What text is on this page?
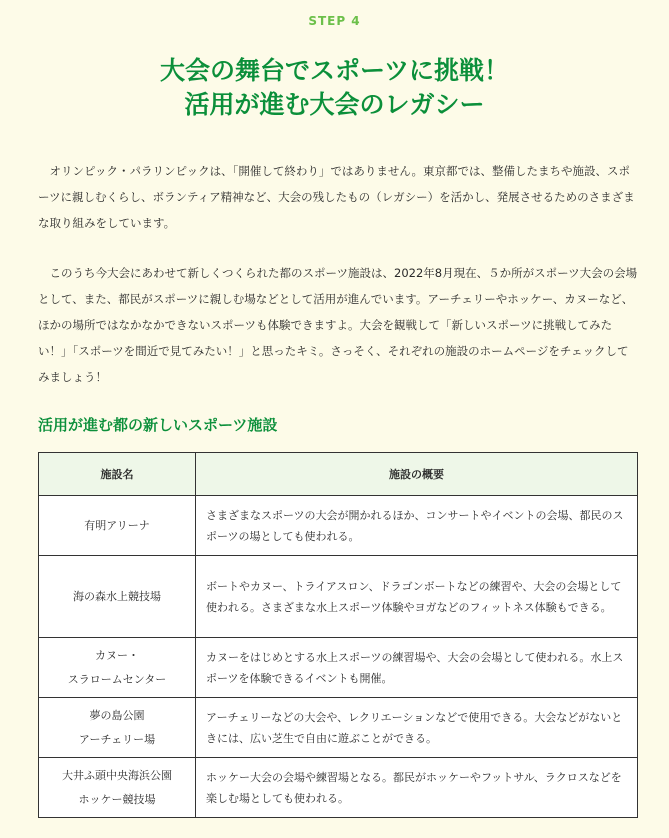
STEP 4
大会の舞台でスポーツに挑戦！
活用が進む大会のレガシー

オリンピック・パラリンピックは、「開催して終わり」ではありません。東京都では、整備したまちや施設、スポーツに親しむくらし、ボランティア精神など、大会の残したもの（レガシー）を活かし、発展させるためのさまざまな取り組みをしています。

このうち今大会にあわせて新しくつくられた都のスポーツ施設は、2022年8月現在、５か所がスポーツ大会の会場として、また、都民がスポーツに親しむ場などとして活用が進んでいます。アーチェリーやホッケー、カヌーなど、ほかの場所ではなかなかできないスポーツも体験できますよ。大会を観戦して「新しいスポーツに挑戦してみたい！」「スポーツを間近で見てみたい！」と思ったキミ。さっそく、それぞれの施設のホームページをチェックしてみましょう！

活用が進む都の新しいスポーツ施設
施設名	施設の概要

有明アリーナ	さまざまなスポーツの大会が開かれるほか、コンサートやイベントの会場、都民のスポーツの場としても使われる。

海の森水上競技場	ボートやカヌー、トライアスロン、ドラゴンボートなどの練習や、大会の会場として使われる。さまざまな水上スポーツ体験やヨガなどのフィットネス体験もできる。

カヌー・
スラロームセンター	カヌーをはじめとする水上スポーツの練習場や、大会の会場として使われる。水上スポーツを体験できるイベントも開催。

夢の島公園
アーチェリー場	アーチェリーなどの大会や、レクリエーションなどで使用できる。大会などがないときには、広い芝生で自由に遊ぶことができる。

大井ふ頭中央海浜公園
ホッケー競技場	ホッケー大会の会場や練習場となる。都民がホッケーやフットサル、ラクロスなどを楽しむ場としても使われる。
